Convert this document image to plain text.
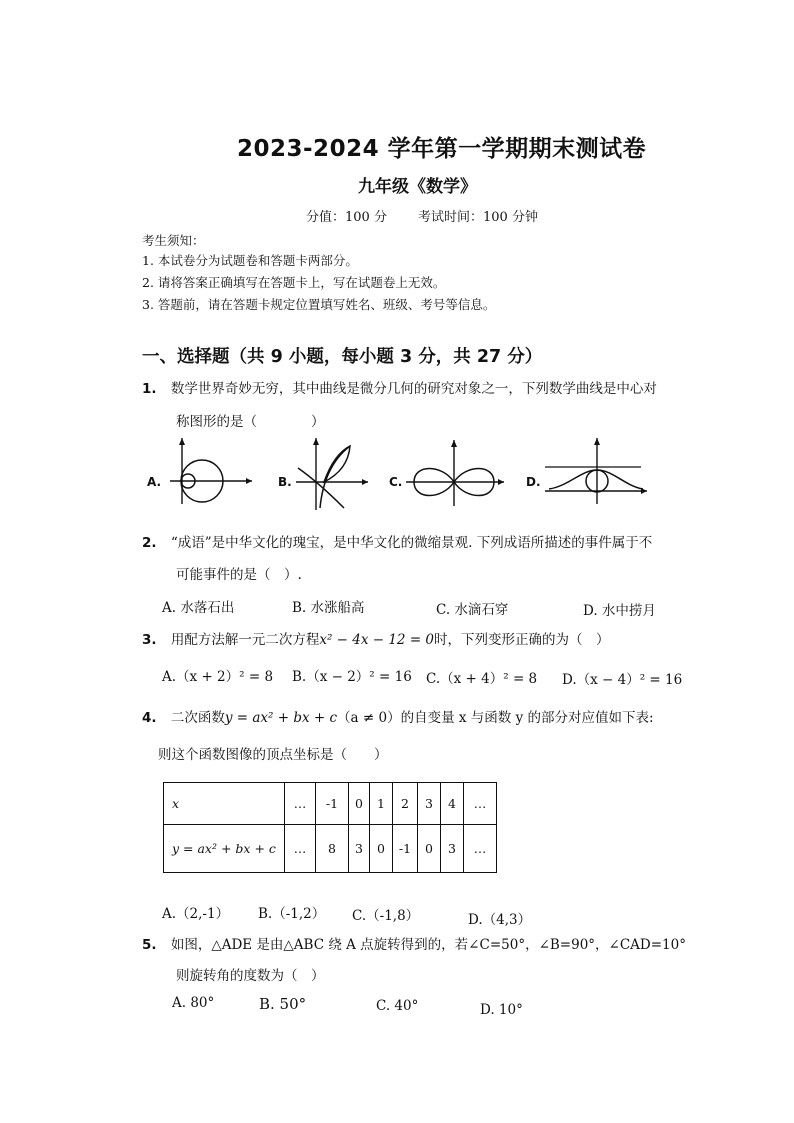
2023-2024 学年第一学期期末测试卷
九年级《数学》
分值：100 分 考试时间：100 分钟
考生须知：
1. 本试卷分为试题卷和答题卡两部分。
2. 请将答案正确填写在答题卡上，写在试题卷上无效。
3. 答题前，请在答题卡规定位置填写姓名、班级、考号等信息。
一、选择题（共 9 小题，每小题 3 分，共 27 分）
1. 数学世界奇妙无穷，其中曲线是微分几何的研究对象之一，下列数学曲线是中心对
称图形的是（　　　　）
A.	B.	C.	D.
2. “成语”是中华文化的瑰宝，是中华文化的微缩景观. 下列成语所描述的事件属于不
可能事件的是（　）.
A. 水落石出	B. 水涨船高	C. 水滴石穿	D. 水中捞月
3. 用配方法解一元二次方程x² − 4x − 12 = 0时，下列变形正确的为（　）
A.（x + 2）² = 8 B.（x − 2）² = 16 C.（x + 4）² = 8 D.（x − 4）² = 16
4. 二次函数y = ax² + bx + c（a ≠ 0）的自变量 x 与函数 y 的部分对应值如下表:
则这个函数图像的顶点坐标是（　　）
x	…	-1	0	1	2	3	4	…
y = ax² + bx + c	…	8	3	0	-1	0	3	…
A.（2,-1） B.（-1,2） C.（-1,8）	D.（4,3）
5. 如图，△ADE 是由△ABC 绕 A 点旋转得到的，若∠C=50°，∠B=90°，∠CAD=10°
则旋转角的度数为（　）
A. 80°	B. 50°	C. 40°	D. 10°
